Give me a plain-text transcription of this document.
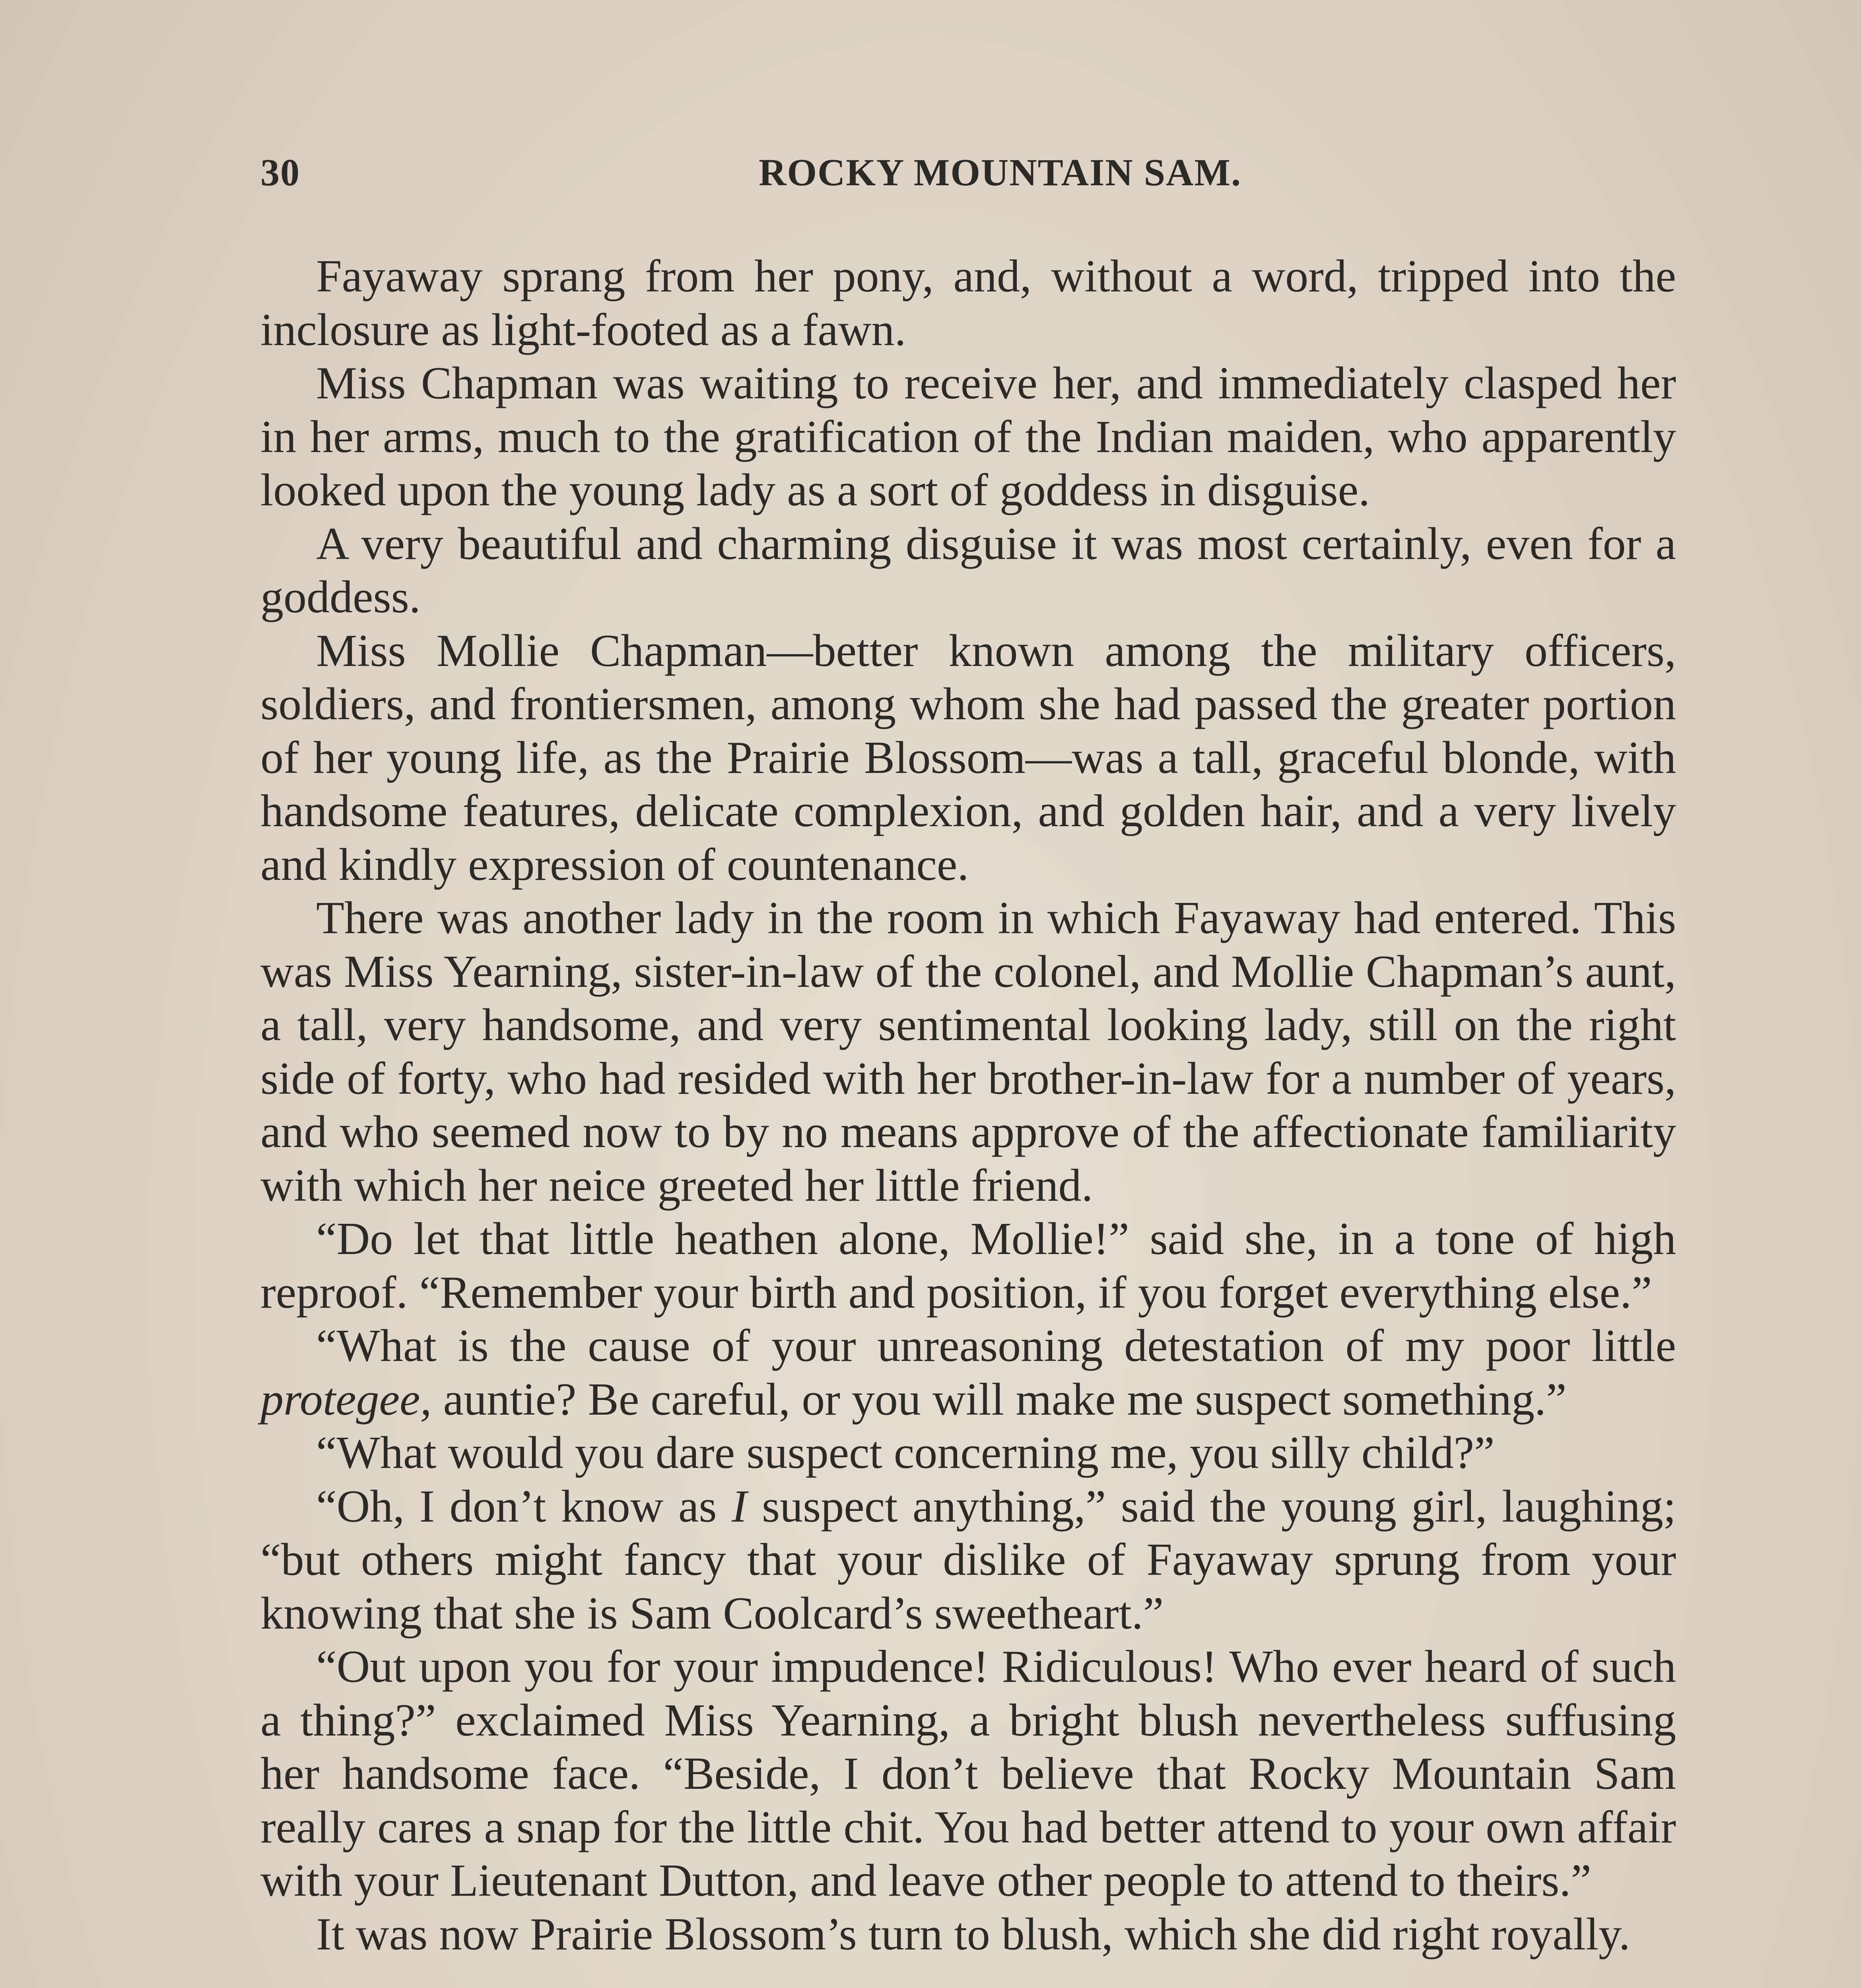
30	ROCKY MOUNTAIN SAM.

Fayaway sprang from her pony, and, without a word, tripped into the inclosure as light-footed as a fawn.

Miss Chapman was waiting to receive her, and immediately clasped her in her arms, much to the gratification of the Indian maiden, who apparently looked upon the young lady as a sort of goddess in disguise.

A very beautiful and charming disguise it was most certainly, even for a goddess.

Miss Mollie Chapman—better known among the military officers, soldiers, and frontiersmen, among whom she had passed the greater portion of her young life, as the Prairie Blossom—was a tall, graceful blonde, with handsome features, delicate complexion, and golden hair, and a very lively and kindly expression of countenance.

There was another lady in the room in which Fayaway had entered. This was Miss Yearning, sister-in-law of the colonel, and Mollie Chapman’s aunt, a tall, very handsome, and very sentimental looking lady, still on the right side of forty, who had resided with her brother-in-law for a number of years, and who seemed now to by no means approve of the affectionate familiarity with which her neice greeted her little friend.

“Do let that little heathen alone, Mollie!” said she, in a tone of high reproof. “Remember your birth and position, if you forget everything else.”

“What is the cause of your unreasoning detestation of my poor little protegee, auntie? Be careful, or you will make me suspect something.”

“What would you dare suspect concerning me, you silly child?”

“Oh, I don’t know as I suspect anything,” said the young girl, laughing; “but others might fancy that your dislike of Fayaway sprung from your knowing that she is Sam Coolcard’s sweetheart.”

“Out upon you for your impudence! Ridiculous! Who ever heard of such a thing?” exclaimed Miss Yearning, a bright blush nevertheless suffusing her handsome face. “Beside, I don’t believe that Rocky Mountain Sam really cares a snap for the little chit. You had better attend to your own affair with your Lieutenant Dutton, and leave other people to attend to theirs.”

It was now Prairie Blossom’s turn to blush, which she did right royally.
